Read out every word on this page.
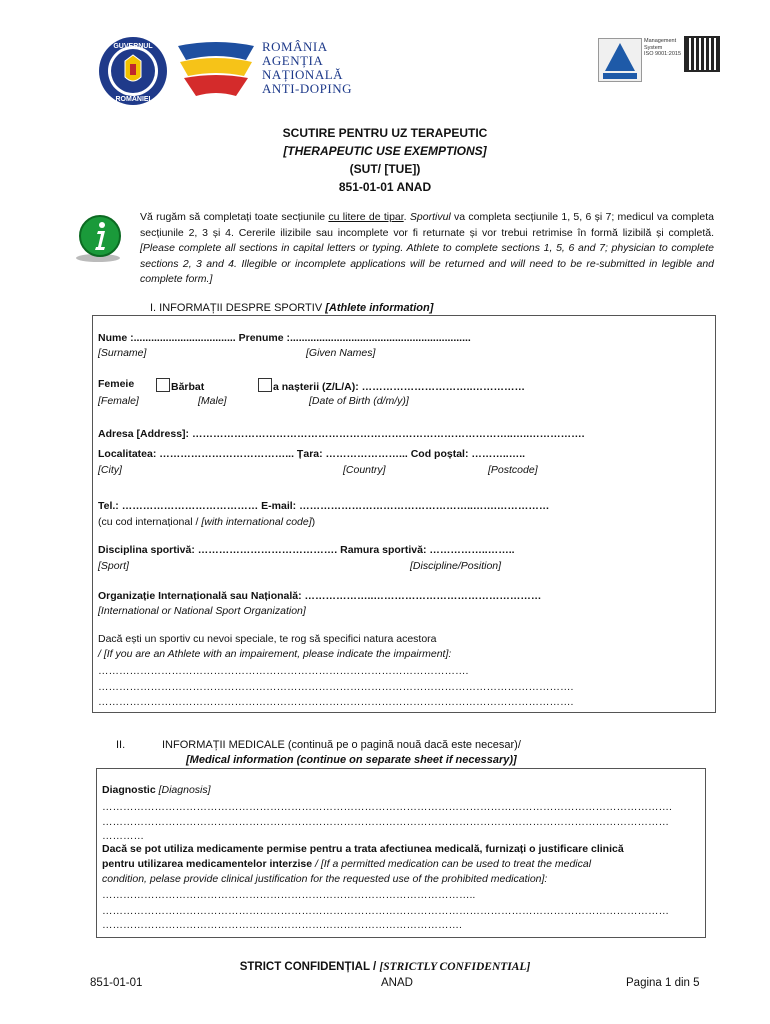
GUVERNUL
ROMÂNIEI
ROMÂNIA
AGENȚIA
NAȚIONALĂ
ANTI-DOPING
Management
System
ISO 9001:2015
SCUTIRE PENTRU UZ TERAPEUTIC
[THERAPEUTIC USE EXEMPTIONS]
(SUT/ [TUE])
851-01-01 ANAD
Vă rugăm să completați toate secțiunile cu litere de tipar. Sportivul va completa secțiunile 1, 5, 6 și 7; medicul va completa secțiunile 2, 3 și 4. Cererile ilizibile sau incomplete vor fi returnate și vor trebui retrimise în formă lizibilă și completă. [Please complete all sections in capital letters or typing. Athlete to complete sections 1, 5, 6 and 7; physician to complete sections 2, 3 and 4. Illegible or incomplete applications will be returned and will need to be re-submitted in legible and complete form.]
I. INFORMAȚII DESPRE SPORTIV [Athlete information]
Nume :................................... Prenume :..............................................................
[Surname]	[Given Names]
Femeie	Bărbat	a nașterii (Z/L/A): …………………………..……………
[Female]	[Male]	[Date of Birth (d/m/y)]
Adresa [Address]: ………………………………………………………………………………..…..…………….
Localitatea: ………………………………... Țara: …………………... Cod poștal: ………..…..
[City]	[Country]	[Postcode]
Tel.: ………………………………… E-mail: …………………………………………..…….……………
(cu cod internațional / [with international code])
Disciplina sportivă: …………………………………. Ramura sportivă: ……………..……..
[Sport]	[Discipline/Position]
Organizație Internațională sau Națională: ………………..…………………………………………
[International or National Sport Organization]
Dacă ești un sportiv cu nevoi speciale, te rog să specifici natura acestora
/ [If you are an Athlete with an impairement, please indicate the impairment]:
…………………………………………………………………………………………….
……………………………………………………………………………………………………………………….
……………………………………………………………………………………………………………………….
II.	INFORMAȚII MEDICALE (continuă pe o pagină nouă dacă este necesar)/
[Medical information (continue on separate sheet if necessary)]
Diagnostic [Diagnosis]
……………………………………………………………………………………………………………………………………………….
………………………………………………………………………………………………………………………………………………
…………
Dacă se pot utiliza medicamente permise pentru a trata afectiunea medicală, furnizați o justificare clinică
pentru utilizarea medicamentelor interzise / [If a permitted medication can be used to treat the medical
condition, pelase provide clinical justification for the requested use of the prohibited medication]:
……………………………………………………………………………………………..
………………………………………………………………………………………………………………………………………………
………………………………………………………………………………………….
STRICT CONFIDENȚIAL / [STRICTLY CONFIDENTIAL]
851-01-01	ANAD	Pagina 1 din 5
